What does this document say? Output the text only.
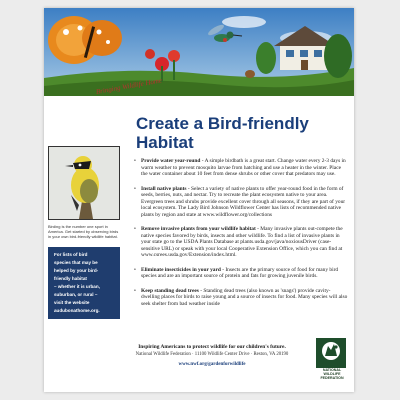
Bringing Wildlife Home
Create a Bird-friendly
Habitat
Birding is the number one sport in America. Get started by observing birds in your own bird-friendly wildlife habitat.
For lists of bird
species that may be
helped by your bird-
friendly habitat
– whether it is urban,
suburban, or rural –
visit the website
audubonathome.org.
• Provide water year-round - A simple birdbath is a great start. Change water every 2-3 days in warm weather to prevent mosquito larvae from hatching and use a heater in the winter. Place the water container about 10 feet from dense shrubs or other cover that predators may use.
• Install native plants - Select a variety of native plants to offer year-round food in the form of seeds, berries, nuts, and nectar. Try to recreate the plant ecosystem native to your area. Evergreen trees and shrubs provide excellent cover through all seasons, if they are part of your local ecosystem. The Lady Bird Johnson Wildflower Center has lists of recommended native plants by region and state at www.wildflower.org/collections
• Remove invasive plants from your wildlife habitat - Many invasive plants out-compete the native species favored by birds, insects and other wildlife. To find a list of invasive plants in your state go to the USDA Plants Database at plants.usda.gov/java/noxiousDriver (case-sensitive URL) or speak with your local Cooperative Extension Office, which you can find at www.csrees.usda.gov/Extension/index.html.
• Eliminate insecticides in your yard - Insects are the primary source of food for many bird species and are an important source of protein and fats for growing juvenile birds.
• Keep standing dead trees - Standing dead trees (also known as 'snags') provide cavity-dwelling places for birds to raise young and a source of insects for food. Many species will also seek shelter from bad weather inside
Inspiring Americans to protect wildlife for our children's future.
National Wildlife Federation · 11100 Wildlife Center Drive · Reston, VA 20190
www.nwf.org/gardenforwildlife
NATIONAL
WILDLIFE
FEDERATION
